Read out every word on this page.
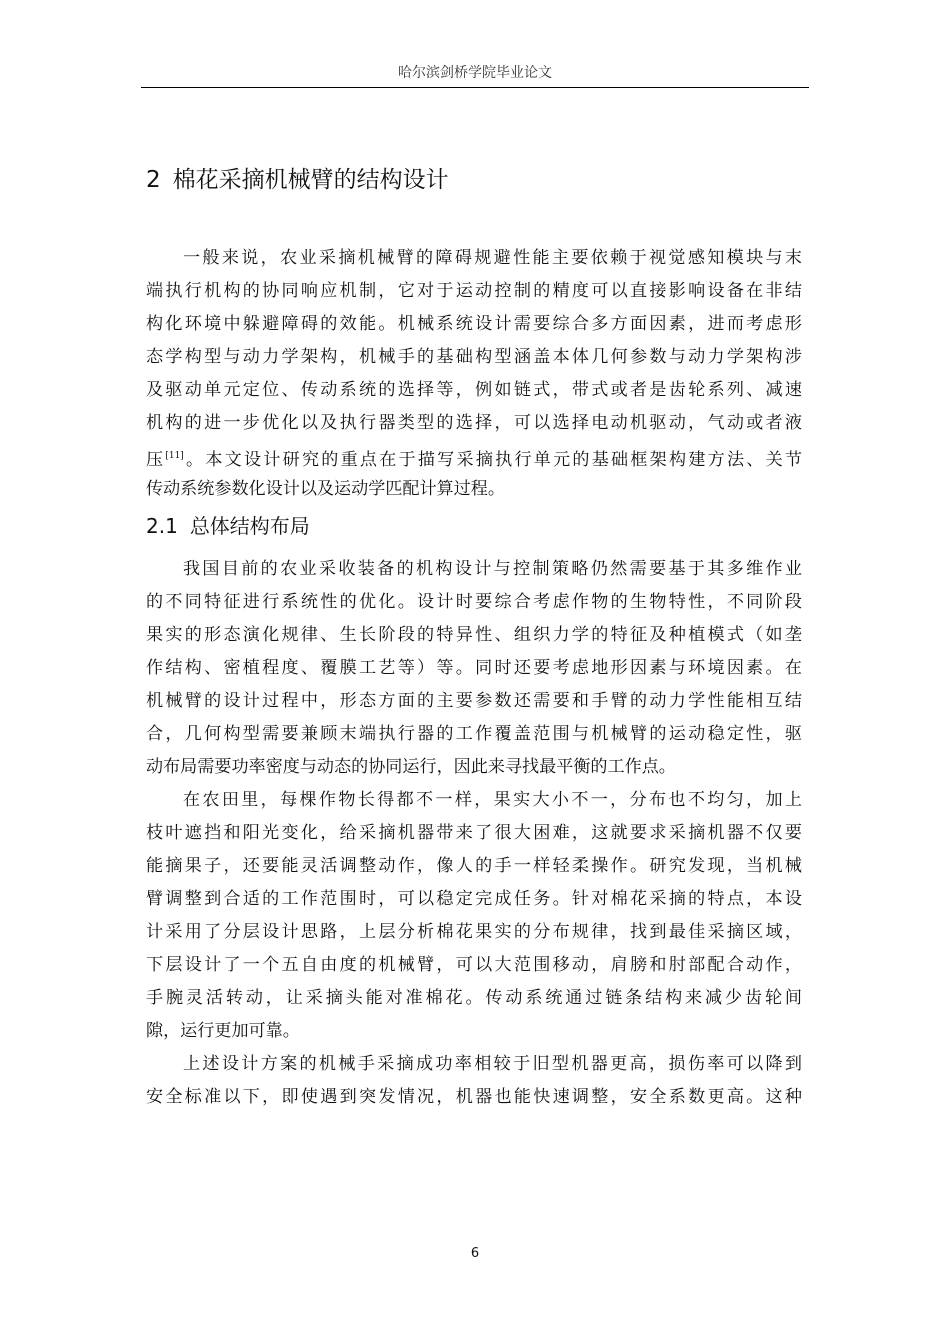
哈尔滨剑桥学院毕业论文
2 棉花采摘机械臂的结构设计
一般来说，农业采摘机械臂的障碍规避性能主要依赖于视觉感知模块与末
端执行机构的协同响应机制，它对于运动控制的精度可以直接影响设备在非结
构化环境中躲避障碍的效能。机械系统设计需要综合多方面因素，进而考虑形
态学构型与动力学架构，机械手的基础构型涵盖本体几何参数与动力学架构涉
及驱动单元定位、传动系统的选择等，例如链式，带式或者是齿轮系列、减速
机构的进一步优化以及执行器类型的选择，可以选择电动机驱动，气动或者液
压[11]。本文设计研究的重点在于描写采摘执行单元的基础框架构建方法、关节
传动系统参数化设计以及运动学匹配计算过程。
2.1 总体结构布局
我国目前的农业采收装备的机构设计与控制策略仍然需要基于其多维作业
的不同特征进行系统性的优化。设计时要综合考虑作物的生物特性，不同阶段
果实的形态演化规律、生长阶段的特异性、组织力学的特征及种植模式（如垄
作结构、密植程度、覆膜工艺等）等。同时还要考虑地形因素与环境因素。在
机械臂的设计过程中，形态方面的主要参数还需要和手臂的动力学性能相互结
合，几何构型需要兼顾末端执行器的工作覆盖范围与机械臂的运动稳定性，驱
动布局需要功率密度与动态的协同运行，因此来寻找最平衡的工作点。
在农田里，每棵作物长得都不一样，果实大小不一，分布也不均匀，加上
枝叶遮挡和阳光变化，给采摘机器带来了很大困难，这就要求采摘机器不仅要
能摘果子，还要能灵活调整动作，像人的手一样轻柔操作。研究发现，当机械
臂调整到合适的工作范围时，可以稳定完成任务。针对棉花采摘的特点，本设
计采用了分层设计思路，上层分析棉花果实的分布规律，找到最佳采摘区域，
下层设计了一个五自由度的机械臂，可以大范围移动，肩膀和肘部配合动作，
手腕灵活转动，让采摘头能对准棉花。传动系统通过链条结构来减少齿轮间
隙，运行更加可靠。
上述设计方案的机械手采摘成功率相较于旧型机器更高，损伤率可以降到
安全标准以下，即使遇到突发情况，机器也能快速调整，安全系数更高。这种
6
